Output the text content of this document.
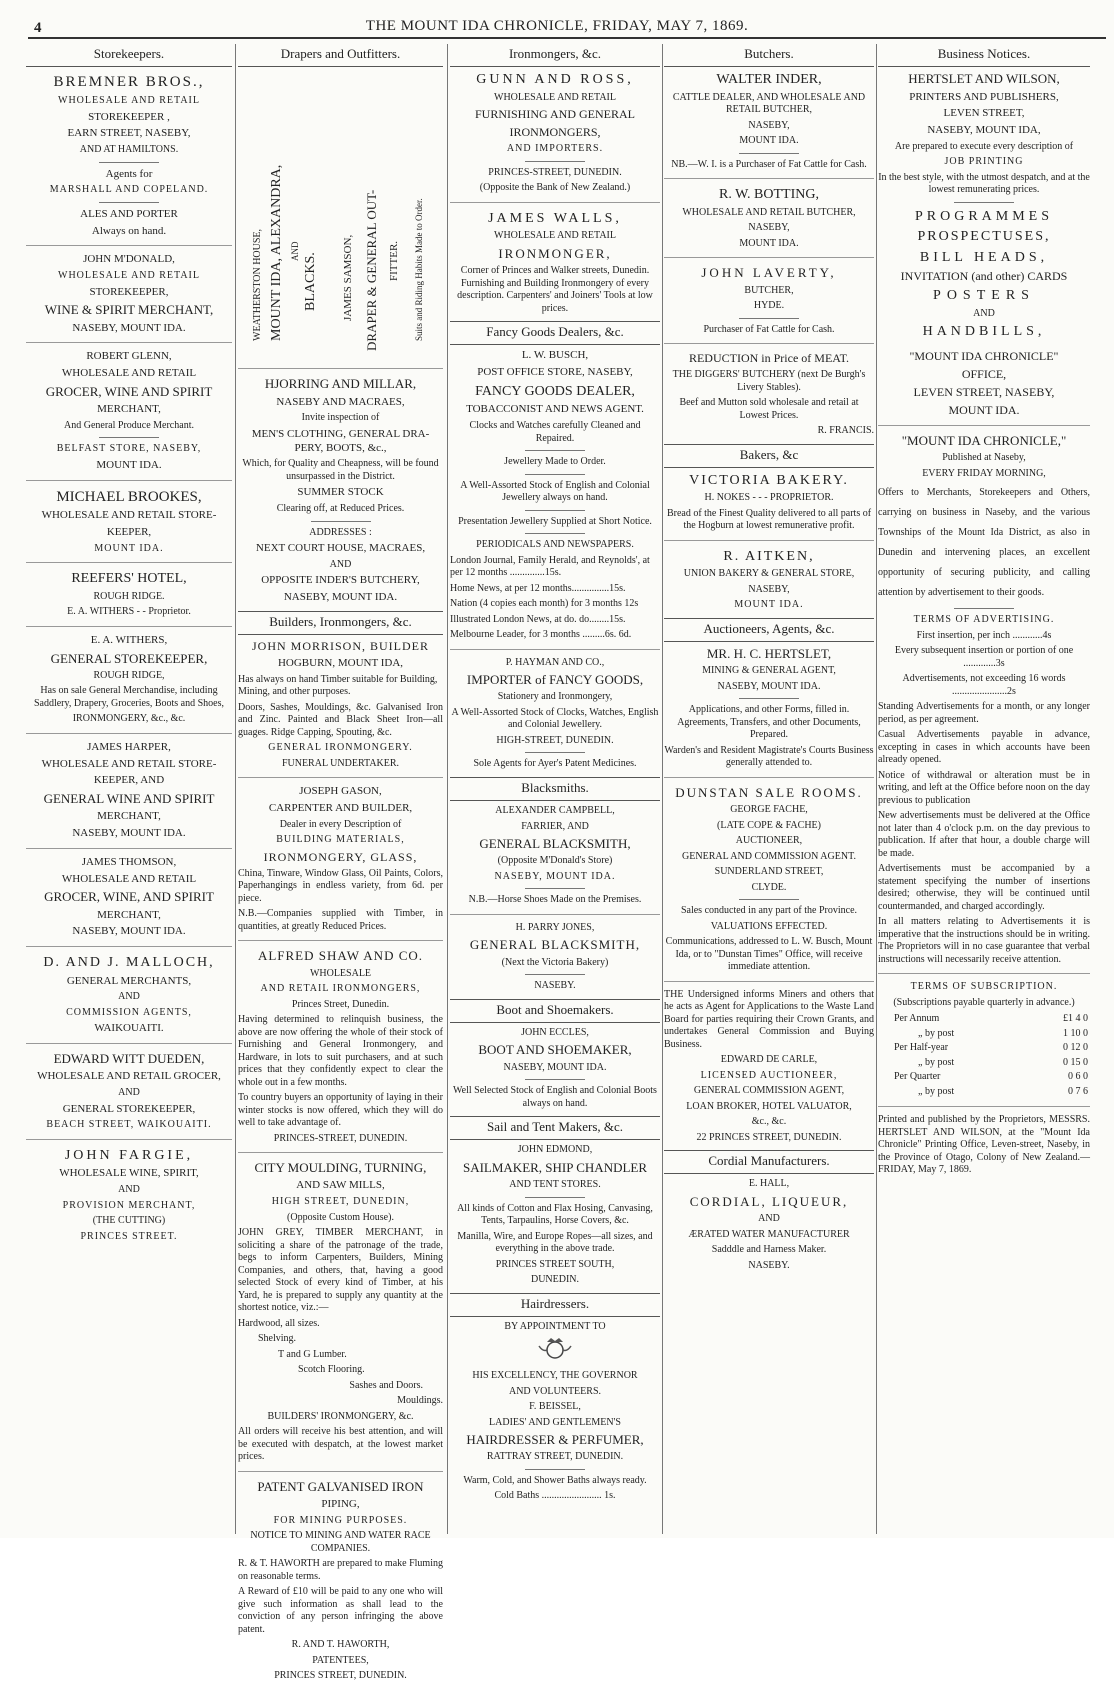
4	THE MOUNT IDA CHRONICLE, FRIDAY, MAY 7, 1869.
Storekeepers.

BREMNER BROS.,

WHOLESALE AND RETAIL

STOREKEEPER ,

EARN STREET, NASEBY,

AND AT HAMILTONS.

Agents for

MARSHALL AND COPELAND.

ALES AND PORTER

Always on hand.

JOHN M'DONALD,

WHOLESALE AND RETAIL

STOREKEEPER,

WINE & SPIRIT MERCHANT,

NASEBY, MOUNT IDA.

ROBERT GLENN,

WHOLESALE AND RETAIL

GROCER, WINE AND SPIRIT

MERCHANT,

And General Produce Merchant.

BELFAST STORE, NASEBY,

MOUNT IDA.

MICHAEL BROOKES,

WHOLESALE AND RETAIL STORE-

KEEPER,

MOUNT IDA.

REEFERS' HOTEL,

ROUGH RIDGE.

E. A. WITHERS - - Proprietor.

E. A. WITHERS,

GENERAL STOREKEEPER,

ROUGH RIDGE,

Has on sale General Merchandise, including Saddlery, Drapery, Groceries, Boots and Shoes,

IRONMONGERY, &c., &c.

JAMES HARPER,

WHOLESALE AND RETAIL STORE-

KEEPER, AND

GENERAL WINE AND SPIRIT

MERCHANT,

NASEBY, MOUNT IDA.

JAMES THOMSON,

WHOLESALE AND RETAIL

GROCER, WINE, AND SPIRIT

MERCHANT,

NASEBY, MOUNT IDA.

D. AND J. MALLOCH,

GENERAL MERCHANTS,

AND

COMMISSION AGENTS,

WAIKOUAITI.

EDWARD WITT DUEDEN,

WHOLESALE AND RETAIL GROCER,

AND

GENERAL STOREKEEPER,

BEACH STREET, WAIKOUAITI.

JOHN FARGIE,

WHOLESALE WINE, SPIRIT,

AND

PROVISION MERCHANT,

(THE CUTTING)

PRINCES STREET.

Drapers and Outfitters.
WEATHERSTON HOUSE, MOUNT IDA, ALEXANDRA, AND
BLACKS. JAMES SAMSON, DRAPER & GENERAL OUT- FITTER. Suits and Riding Habits Made to Order.

HJORRING AND MILLAR,

NASEBY AND MACRAES,

Invite inspection of

MEN'S CLOTHING, GENERAL DRA-PERY, BOOTS, &c.,

Which, for Quality and Cheapness, will be found unsurpassed in the District.

SUMMER STOCK

Clearing off, at Reduced Prices.

ADDRESSES :

NEXT COURT HOUSE, MACRAES,

AND

OPPOSITE INDER'S BUTCHERY,

NASEBY, MOUNT IDA.

Builders, Ironmongers, &c.

JOHN MORRISON, BUILDER

HOGBURN, MOUNT IDA,

Has always on hand Timber suitable for Building, Mining, and other purposes.

Doors, Sashes, Mouldings, &c. Galvanised Iron and Zinc. Painted and Black Sheet Iron—all guages. Ridge Capping, Spouting, &c.

GENERAL IRONMONGERY.

FUNERAL UNDERTAKER.

JOSEPH GASON,

CARPENTER AND BUILDER,

Dealer in every Description of

BUILDING MATERIALS,

IRONMONGERY, GLASS,

China, Tinware, Window Glass, Oil Paints, Colors, Paperhangings in endless variety, from 6d. per piece.

N.B.—Companies supplied with Timber, in quantities, at greatly Reduced Prices.

ALFRED SHAW AND CO.

WHOLESALE

AND RETAIL IRONMONGERS,

Princes Street, Dunedin.

Having determined to relinquish business, the above are now offering the whole of their stock of Furnishing and General Ironmongery, and Hardware, in lots to suit purchasers, and at such prices that they confidently expect to clear the whole out in a few months.

To country buyers an opportunity of laying in their winter stocks is now offered, which they will do well to take advantage of.

PRINCES-STREET, DUNEDIN.

CITY MOULDING, TURNING,

AND SAW MILLS,

HIGH STREET, DUNEDIN,

(Opposite Custom House).

JOHN GREY, TIMBER MERCHANT, in soliciting a share of the patronage of the trade, begs to inform Carpenters, Builders, Mining Companies, and others, that, having a good selected Stock of every kind of Timber, at his Yard, he is prepared to supply any quantity at the shortest notice, viz.:—

Hardwood, all sizes.

Shelving.

T and G Lumber.

Scotch Flooring.

Sashes and Doors.

Mouldings.

BUILDERS' IRONMONGERY, &c.

All orders will receive his best attention, and will be executed with despatch, at the lowest market prices.

PATENT GALVANISED IRON

PIPING,

FOR MINING PURPOSES.

NOTICE TO MINING AND WATER RACE COMPANIES.

R. & T. HAWORTH are prepared to make Fluming on reasonable terms.

A Reward of £10 will be paid to any one who will give such information as shall lead to the conviction of any person infringing the above patent.

R. AND T. HAWORTH,

PATENTEES,

PRINCES STREET, DUNEDIN.

Ironmongers, &c.

GUNN AND ROSS,

WHOLESALE AND RETAIL

FURNISHING AND GENERAL

IRONMONGERS,

AND IMPORTERS.

PRINCES-STREET, DUNEDIN.

(Opposite the Bank of New Zealand.)

JAMES WALLS,

WHOLESALE AND RETAIL

IRONMONGER,

Corner of Princes and Walker streets, Dunedin. Furnishing and Building Ironmongery of every description. Carpenters' and Joiners' Tools at low prices.

Fancy Goods Dealers, &c.

L. W. BUSCH,

POST OFFICE STORE, NASEBY,

FANCY GOODS DEALER,

TOBACCONIST AND NEWS AGENT.

Clocks and Watches carefully Cleaned and Repaired.

Jewellery Made to Order.

A Well-Assorted Stock of English and Colonial Jewellery always on hand.

Presentation Jewellery Supplied at Short Notice.

PERIODICALS AND NEWSPAPERS.

London Journal, Family Herald, and Reynolds', at per 12 months ..............15s.

Home News, at per 12 months...............15s.

Nation (4 copies each month) for 3 months 12s

Illustrated London News, at do. do........15s.

Melbourne Leader, for 3 months .........6s. 6d.

P. HAYMAN AND CO.,

IMPORTER of FANCY GOODS,

Stationery and Ironmongery,

A Well-Assorted Stock of Clocks, Watches, English and Colonial Jewellery.

HIGH-STREET, DUNEDIN.

Sole Agents for Ayer's Patent Medicines.

Blacksmiths.

ALEXANDER CAMPBELL,

FARRIER, AND

GENERAL BLACKSMITH,

(Opposite M'Donald's Store)

NASEBY, MOUNT IDA.

N.B.—Horse Shoes Made on the Premises.

H. PARRY JONES,

GENERAL BLACKSMITH,

(Next the Victoria Bakery)

NASEBY.

Boot and Shoemakers.

JOHN ECCLES,

BOOT AND SHOEMAKER,

NASEBY, MOUNT IDA.

Well Selected Stock of English and Colonial Boots always on hand.

Sail and Tent Makers, &c.

JOHN EDMOND,

SAILMAKER, SHIP CHANDLER

AND TENT STORES.

All kinds of Cotton and Flax Hosing, Canvasing, Tents, Tarpaulins, Horse Covers, &c.

Manilla, Wire, and Europe Ropes—all sizes, and everything in the above trade.

PRINCES STREET SOUTH,

DUNEDIN.

Hairdressers.

BY APPOINTMENT TO

HIS EXCELLENCY, THE GOVERNOR

AND VOLUNTEERS.

F. BEISSEL,

LADIES' AND GENTLEMEN'S

HAIRDRESSER & PERFUMER,

RATTRAY STREET, DUNEDIN.

Warm, Cold, and Shower Baths always ready.

Cold Baths ........................ 1s.

Butchers.

WALTER INDER,

CATTLE DEALER, AND WHOLESALE AND RETAIL BUTCHER,

NASEBY,

MOUNT IDA.

NB.—W. I. is a Purchaser of Fat Cattle for Cash.

R. W. BOTTING,

WHOLESALE AND RETAIL BUTCHER,

NASEBY,

MOUNT IDA.

JOHN LAVERTY,

BUTCHER,

HYDE.

Purchaser of Fat Cattle for Cash.

REDUCTION in Price of MEAT.

THE DIGGERS' BUTCHERY (next De Burgh's Livery Stables).

Beef and Mutton sold wholesale and retail at Lowest Prices.

R. FRANCIS.

Bakers, &c

VICTORIA BAKERY.

H. NOKES - - - PROPRIETOR.

Bread of the Finest Quality delivered to all parts of the Hogburn at lowest remunerative profit.

R. AITKEN,

UNION BAKERY & GENERAL STORE,

NASEBY,

MOUNT IDA.

Auctioneers, Agents, &c.

MR. H. C. HERTSLET,

MINING & GENERAL AGENT,

NASEBY, MOUNT IDA.

Applications, and other Forms, filled in. Agreements, Transfers, and other Documents, Prepared.

Warden's and Resident Magistrate's Courts Business generally attended to.

DUNSTAN SALE ROOMS.

GEORGE FACHE,

(LATE COPE & FACHE)

AUCTIONEER,

GENERAL AND COMMISSION AGENT.

SUNDERLAND STREET,

CLYDE.

Sales conducted in any part of the Province.

VALUATIONS EFFECTED.

Communications, addressed to L. W. Busch, Mount Ida, or to "Dunstan Times" Office, will receive immediate attention.

THE Undersigned informs Miners and others that he acts as Agent for Applications to the Waste Land Board for parties requiring their Crown Grants, and undertakes General Commission and Buying Business.

EDWARD DE CARLE,

LICENSED AUCTIONEER,

GENERAL COMMISSION AGENT,

LOAN BROKER, HOTEL VALUATOR,

&c., &c.

22 PRINCES STREET, DUNEDIN.

Cordial Manufacturers.

E. HALL,

CORDIAL, LIQUEUR,

AND

ÆRATED WATER MANUFACTURER

Sadddle and Harness Maker.

NASEBY.

Business Notices.

HERTSLET AND WILSON,

PRINTERS AND PUBLISHERS,

LEVEN STREET,

NASEBY, MOUNT IDA,

Are prepared to execute every description of

JOB PRINTING

In the best style, with the utmost despatch, and at the lowest remunerating prices.

PROGRAMMES

PROSPECTUSES,

BILL HEADS,

INVITATION (and other) CARDS

POSTERS

AND

HANDBILLS,

"MOUNT IDA CHRONICLE"

OFFICE,

LEVEN STREET, NASEBY,

MOUNT IDA.

"MOUNT IDA CHRONICLE,"

Published at Naseby,

EVERY FRIDAY MORNING,

Offers to Merchants, Storekeepers and Others, carrying on business in Naseby, and the various Townships of the Mount Ida District, as also in Dunedin and intervening places, an excellent opportunity of securing publicity, and calling attention by advertisement to their goods.

TERMS OF ADVERTISING.

First insertion, per inch ............4s

Every subsequent insertion or portion of one .............3s

Advertisements, not exceeding 16 words ......................2s

Standing Advertisements for a month, or any longer period, as per agreement.

Casual Advertisements payable in advance, excepting in cases in which accounts have been already opened.

Notice of withdrawal or alteration must be in writing, and left at the Office before noon on the day previous to publication

New advertisements must be delivered at the Office not later than 4 o'clock p.m. on the day previous to publication. If after that hour, a double charge will be made.

Advertisements must be accompanied by a statement specifying the number of insertions desired; otherwise, they will be continued until countermanded, and charged accordingly.

In all matters relating to Advertisements it is imperative that the instructions should be in writing. The Proprietors will in no case guarantee that verbal instructions will necessarily receive attention.

TERMS OF SUBSCRIPTION.

(Subscriptions payable quarterly in advance.)

Per Annum	£1 4 0
„ by post	1 10 0
Per Half-year	0 12 0
„ by post	0 15 0
Per Quarter	0 6 0
„ by post	0 7 6

Printed and published by the Proprietors, MESSRS. HERTSLET AND WILSON, at the "Mount Ida Chronicle" Printing Office, Leven-street, Naseby, in the Province of Otago, Colony of New Zealand.—FRIDAY, May 7, 1869.
